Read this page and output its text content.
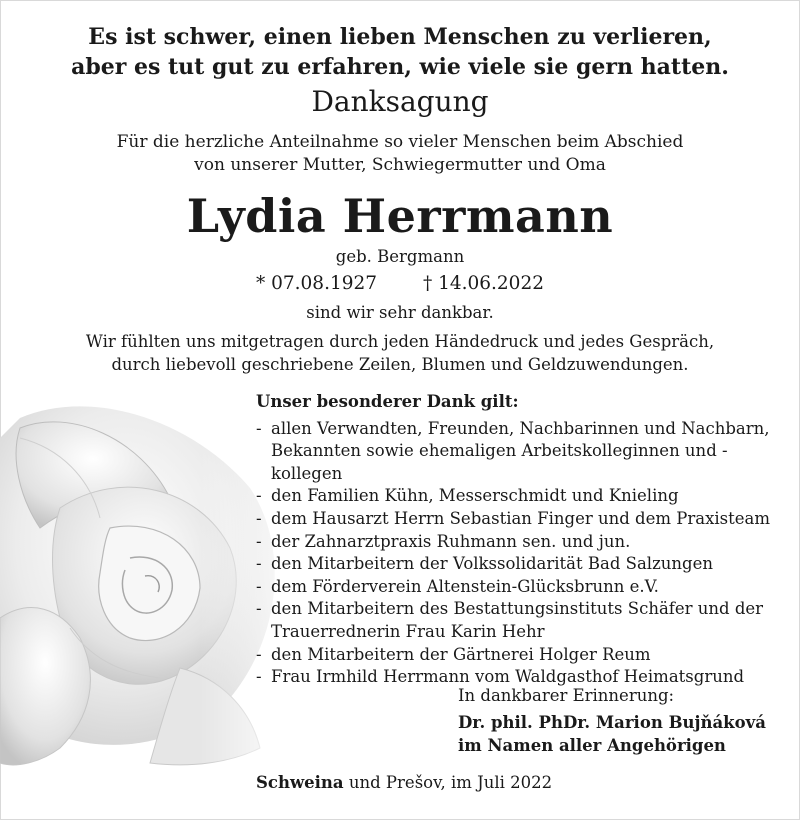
Es ist schwer, einen lieben Menschen zu verlieren,
aber es tut gut zu erfahren, wie viele sie gern hatten.
Danksagung
Für die herzliche Anteilnahme so vieler Menschen beim Abschied
von unserer Mutter, Schwiegermutter und Oma
Lydia Herrmann
geb. Bergmann
* 07.08.1927 † 14.06.2022
sind wir sehr dankbar.
Wir fühlten uns mitgetragen durch jeden Händedruck und jedes Gespräch,
durch liebevoll geschriebene Zeilen, Blumen und Geldzuwendungen.
Unser besonderer Dank gilt:
- allen Verwandten, Freunden, Nachbarinnen und Nachbarn,
Bekannten sowie ehemaligen Arbeitskolleginnen und -kollegen
- den Familien Kühn, Messerschmidt und Knieling
- dem Hausarzt Herrn Sebastian Finger und dem Praxisteam
- der Zahnarztpraxis Ruhmann sen. und jun.
- den Mitarbeitern der Volkssolidarität Bad Salzungen
- dem Förderverein Altenstein-Glücksbrunn e.V.
- den Mitarbeitern des Bestattungsinstituts Schäfer und der
Trauerrednerin Frau Karin Hehr
- den Mitarbeitern der Gärtnerei Holger Reum
- Frau Irmhild Herrmann vom Waldgasthof Heimatsgrund
In dankbarer Erinnerung:
Dr. phil. PhDr. Marion Bujňáková
im Namen aller Angehörigen
Schweina und Prešov, im Juli 2022
